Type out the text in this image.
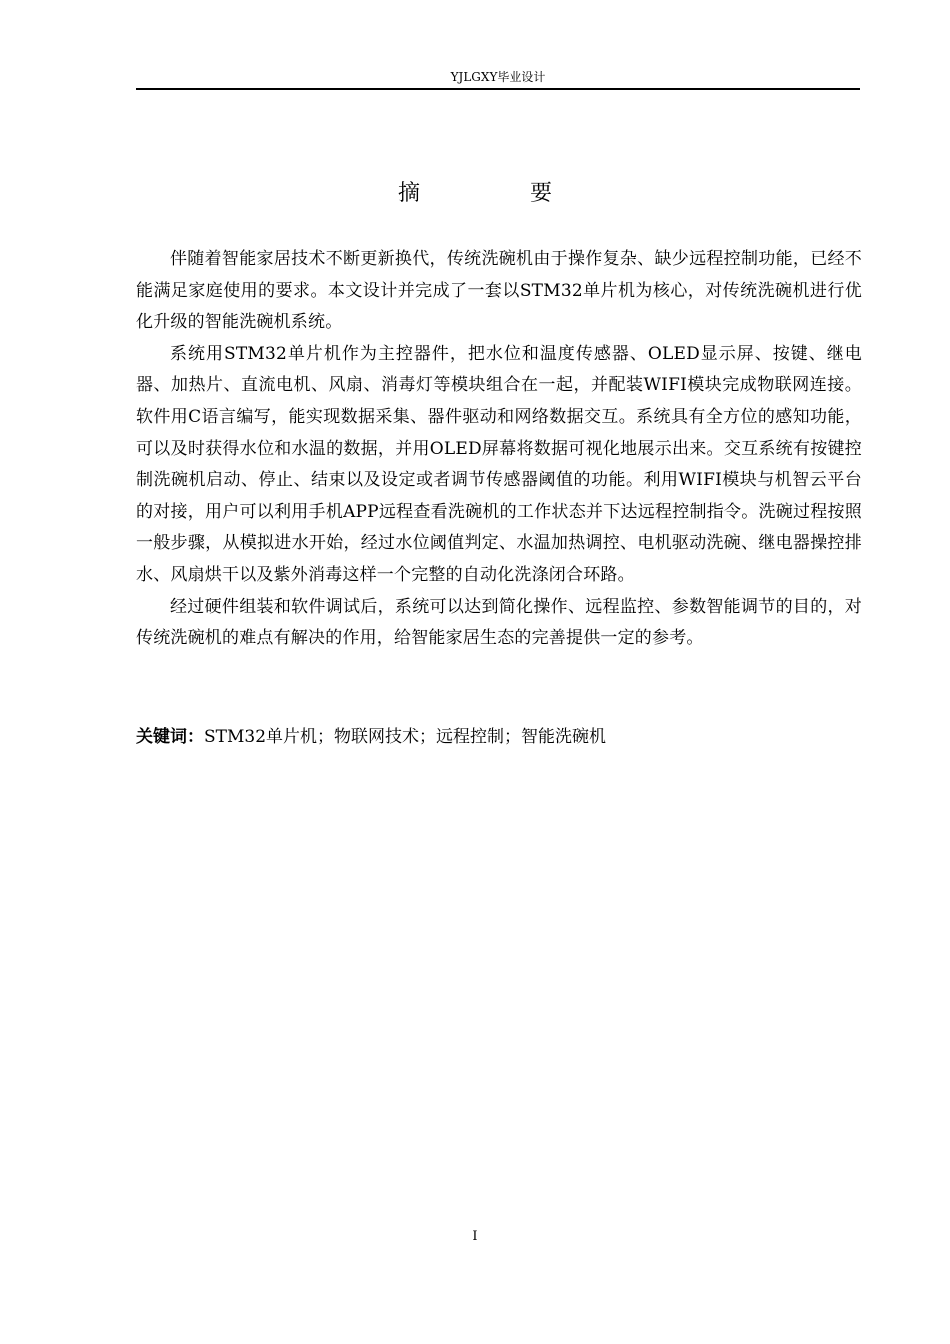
YJLGXY毕业设计
摘　要

伴随着智能家居技术不断更新换代，传统洗碗机由于操作复杂、缺少远程控制功能，已经不能满足家庭使用的要求。本文设计并完成了一套以STM32单片机为核心，对传统洗碗机进行优化升级的智能洗碗机系统。

系统用STM32单片机作为主控器件，把水位和温度传感器、OLED显示屏、按键、继电器、加热片、直流电机、风扇、消毒灯等模块组合在一起，并配装WIFI模块完成物联网连接。软件用C语言编写，能实现数据采集、器件驱动和网络数据交互。系统具有全方位的感知功能，可以及时获得水位和水温的数据，并用OLED屏幕将数据可视化地展示出来。交互系统有按键控制洗碗机启动、停止、结束以及设定或者调节传感器阈值的功能。利用WIFI模块与机智云平台的对接，用户可以利用手机APP远程查看洗碗机的工作状态并下达远程控制指令。洗碗过程按照一般步骤，从模拟进水开始，经过水位阈值判定、水温加热调控、电机驱动洗碗、继电器操控排水、风扇烘干以及紫外消毒这样一个完整的自动化洗涤闭合环路。

经过硬件组装和软件调试后，系统可以达到简化操作、远程监控、参数智能调节的目的，对传统洗碗机的难点有解决的作用，给智能家居生态的完善提供一定的参考。

关键词：STM32单片机；物联网技术；远程控制；智能洗碗机

I
